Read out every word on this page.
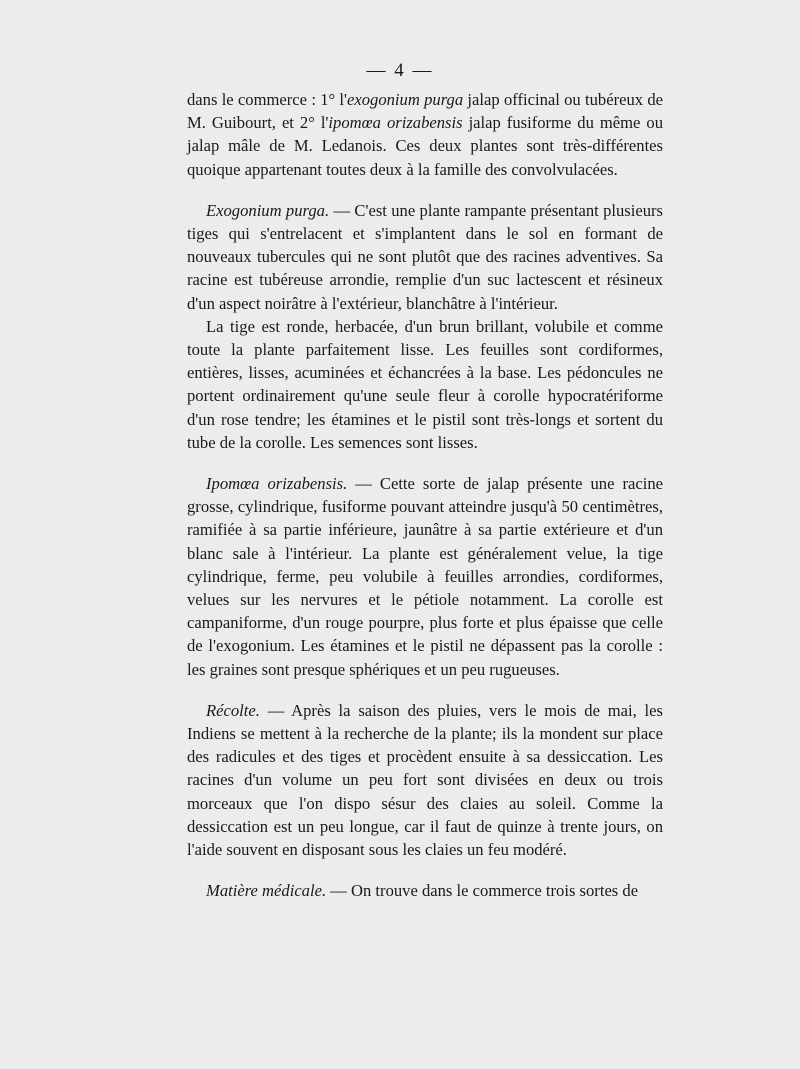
— 4 —

dans le commerce : 1° l'exogonium purga jalap officinal ou tubéreux de M. Guibourt, et 2° l'ipomœa orizabensis jalap fusiforme du même ou jalap mâle de M. Ledanois. Ces deux plantes sont très-différentes quoique appartenant toutes deux à la famille des convolvulacées.

Exogonium purga. — C'est une plante rampante présentant plusieurs tiges qui s'entrelacent et s'implantent dans le sol en formant de nouveaux tubercules qui ne sont plutôt que des racines adventives. Sa racine est tubéreuse arrondie, remplie d'un suc lactescent et résineux d'un aspect noirâtre à l'extérieur, blanchâtre à l'intérieur.

La tige est ronde, herbacée, d'un brun brillant, volubile et comme toute la plante parfaitement lisse. Les feuilles sont cordiformes, entières, lisses, acuminées et échancrées à la base. Les pédoncules ne portent ordinairement qu'une seule fleur à corolle hypocratériforme d'un rose tendre; les étamines et le pistil sont très-longs et sortent du tube de la corolle. Les semences sont lisses.

Ipomœa orizabensis. — Cette sorte de jalap présente une racine grosse, cylindrique, fusiforme pouvant atteindre jusqu'à 50 centimètres, ramifiée à sa partie inférieure, jaunâtre à sa partie extérieure et d'un blanc sale à l'intérieur. La plante est généralement velue, la tige cylindrique, ferme, peu volubile à feuilles arrondies, cordiformes, velues sur les nervures et le pétiole notamment. La corolle est campaniforme, d'un rouge pourpre, plus forte et plus épaisse que celle de l'exogonium. Les étamines et le pistil ne dépassent pas la corolle : les graines sont presque sphériques et un peu rugueuses.

Récolte. — Après la saison des pluies, vers le mois de mai, les Indiens se mettent à la recherche de la plante; ils la mondent sur place des radicules et des tiges et procèdent ensuite à sa dessiccation. Les racines d'un volume un peu fort sont divisées en deux ou trois morceaux que l'on dispo sésur des claies au soleil. Comme la dessiccation est un peu longue, car il faut de quinze à trente jours, on l'aide souvent en disposant sous les claies un feu modéré.

Matière médicale. — On trouve dans le commerce trois sortes de
